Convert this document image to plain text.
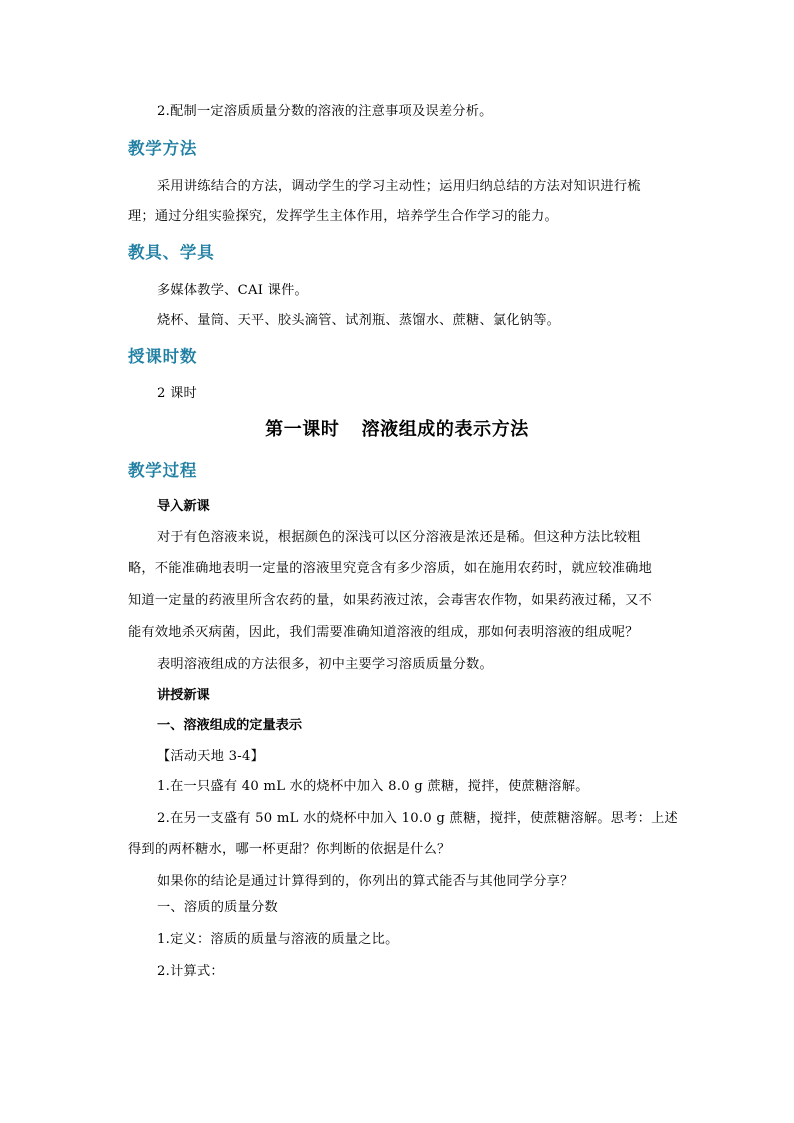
2.配制一定溶质质量分数的溶液的注意事项及误差分析。
教学方法
采用讲练结合的方法，调动学生的学习主动性；运用归纳总结的方法对知识进行梳
理；通过分组实验探究，发挥学生主体作用，培养学生合作学习的能力。
教具、学具
多媒体教学、CAI 课件。
烧杯、量筒、天平、胶头滴管、试剂瓶、蒸馏水、蔗糖、氯化钠等。
授课时数
2 课时
第一课时 溶液组成的表示方法
教学过程
导入新课
对于有色溶液来说，根据颜色的深浅可以区分溶液是浓还是稀。但这种方法比较粗
略，不能准确地表明一定量的溶液里究竟含有多少溶质，如在施用农药时，就应较准确地
知道一定量的药液里所含农药的量，如果药液过浓，会毒害农作物，如果药液过稀，又不
能有效地杀灭病菌，因此，我们需要准确知道溶液的组成，那如何表明溶液的组成呢？
表明溶液组成的方法很多，初中主要学习溶质质量分数。
讲授新课
一、溶液组成的定量表示
【活动天地 3-4】
1.在一只盛有 40 mL 水的烧杯中加入 8.0 g 蔗糖，搅拌，使蔗糖溶解。
2.在另一支盛有 50 mL 水的烧杯中加入 10.0 g 蔗糖，搅拌，使蔗糖溶解。思考：上述
得到的两杯糖水，哪一杯更甜？你判断的依据是什么？
如果你的结论是通过计算得到的，你列出的算式能否与其他同学分享？
一、溶质的质量分数
1.定义：溶质的质量与溶液的质量之比。
2.计算式：
